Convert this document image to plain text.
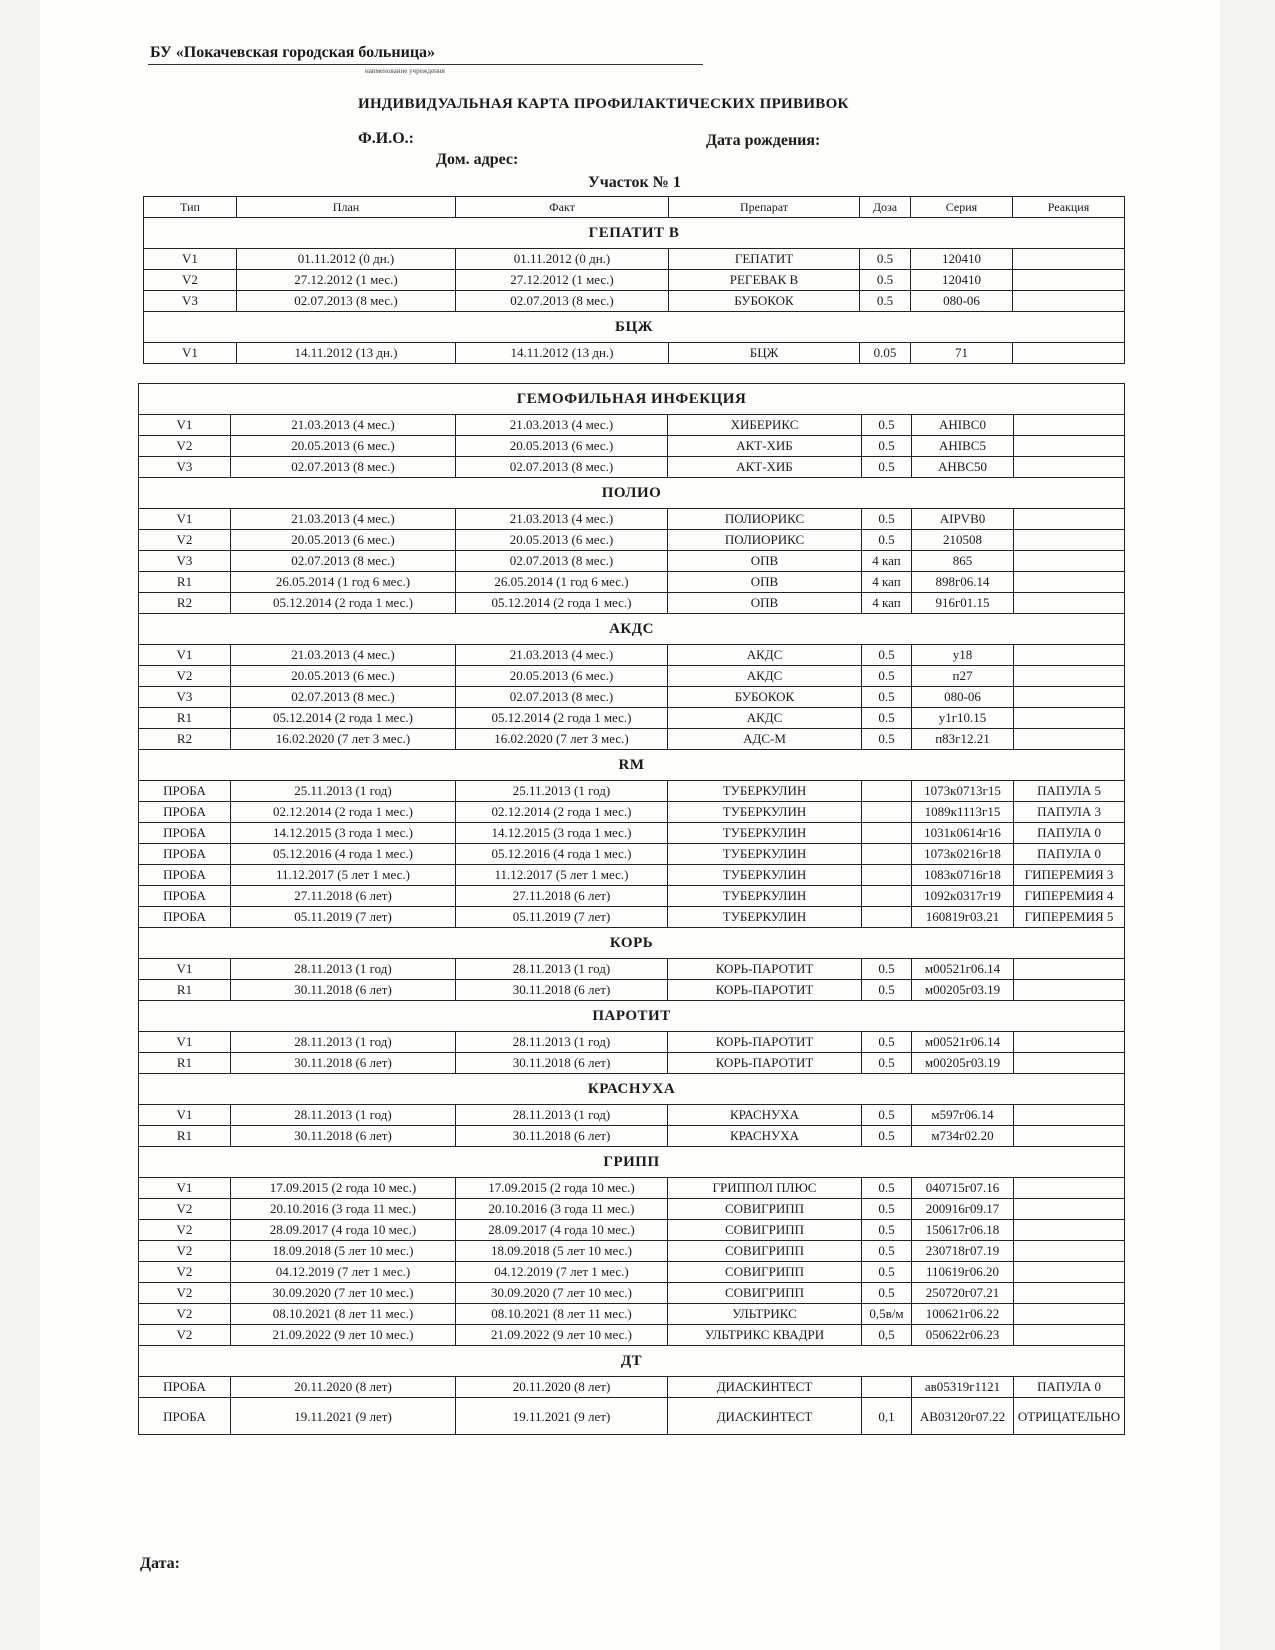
БУ «Покачевская городская больница»
наименование учреждения
ИНДИВИДУАЛЬНАЯ КАРТА ПРОФИЛАКТИЧЕСКИХ ПРИВИВОК
Ф.И.О.:	Дата рождения:
Дом. адрес:
Участок № 1
Тип	План	Факт	Препарат	Доза	Серия	Реакция
ГЕПАТИТ В						
V1	01.11.2012 (0 дн.)	01.11.2012 (0 дн.)	ГЕПАТИТ	0.5	120410	
V2	27.12.2012 (1 мес.)	27.12.2012 (1 мес.)	РЕГЕВАК В	0.5	120410	
V3	02.07.2013 (8 мес.)	02.07.2013 (8 мес.)	БУБОКОК	0.5	080-06	
БЦЖ						
V1	14.11.2012 (13 дн.)	14.11.2012 (13 дн.)	БЦЖ	0.05	71	
ГЕМОФИЛЬНАЯ ИНФЕКЦИЯ						
V1	21.03.2013 (4 мес.)	21.03.2013 (4 мес.)	ХИБЕРИКС	0.5	AHIBC0	
V2	20.05.2013 (6 мес.)	20.05.2013 (6 мес.)	АКТ-ХИБ	0.5	AHIBC5	
V3	02.07.2013 (8 мес.)	02.07.2013 (8 мес.)	АКТ-ХИБ	0.5	AHBC50	
ПОЛИО						
V1	21.03.2013 (4 мес.)	21.03.2013 (4 мес.)	ПОЛИОРИКС	0.5	AIPVB0	
V2	20.05.2013 (6 мес.)	20.05.2013 (6 мес.)	ПОЛИОРИКС	0.5	210508	
V3	02.07.2013 (8 мес.)	02.07.2013 (8 мес.)	ОПВ	4 кап	865	
R1	26.05.2014 (1 год 6 мес.)	26.05.2014 (1 год 6 мес.)	ОПВ	4 кап	898г06.14	
R2	05.12.2014 (2 года 1 мес.)	05.12.2014 (2 года 1 мес.)	ОПВ	4 кап	916г01.15	
АКДС						
V1	21.03.2013 (4 мес.)	21.03.2013 (4 мес.)	АКДС	0.5	у18	
V2	20.05.2013 (6 мес.)	20.05.2013 (6 мес.)	АКДС	0.5	п27	
V3	02.07.2013 (8 мес.)	02.07.2013 (8 мес.)	БУБОКОК	0.5	080-06	
R1	05.12.2014 (2 года 1 мес.)	05.12.2014 (2 года 1 мес.)	АКДС	0.5	у1г10.15	
R2	16.02.2020 (7 лет 3 мес.)	16.02.2020 (7 лет 3 мес.)	АДС-М	0.5	п83г12.21	
RM						
ПРОБА	25.11.2013 (1 год)	25.11.2013 (1 год)	ТУБЕРКУЛИН		1073к0713г15	ПАПУЛА 5
ПРОБА	02.12.2014 (2 года 1 мес.)	02.12.2014 (2 года 1 мес.)	ТУБЕРКУЛИН		1089к1113г15	ПАПУЛА 3
ПРОБА	14.12.2015 (3 года 1 мес.)	14.12.2015 (3 года 1 мес.)	ТУБЕРКУЛИН		1031к0614г16	ПАПУЛА 0
ПРОБА	05.12.2016 (4 года 1 мес.)	05.12.2016 (4 года 1 мес.)	ТУБЕРКУЛИН		1073к0216г18	ПАПУЛА 0
ПРОБА	11.12.2017 (5 лет 1 мес.)	11.12.2017 (5 лет 1 мес.)	ТУБЕРКУЛИН		1083к0716г18	ГИПЕРЕМИЯ 3
ПРОБА	27.11.2018 (6 лет)	27.11.2018 (6 лет)	ТУБЕРКУЛИН		1092к0317г19	ГИПЕРЕМИЯ 4
ПРОБА	05.11.2019 (7 лет)	05.11.2019 (7 лет)	ТУБЕРКУЛИН		160819г03.21	ГИПЕРЕМИЯ 5
КОРЬ						
V1	28.11.2013 (1 год)	28.11.2013 (1 год)	КОРЬ-ПАРОТИТ	0.5	м00521г06.14	
R1	30.11.2018 (6 лет)	30.11.2018 (6 лет)	КОРЬ-ПАРОТИТ	0.5	м00205г03.19	
ПАРОТИТ						
V1	28.11.2013 (1 год)	28.11.2013 (1 год)	КОРЬ-ПАРОТИТ	0.5	м00521г06.14	
R1	30.11.2018 (6 лет)	30.11.2018 (6 лет)	КОРЬ-ПАРОТИТ	0.5	м00205г03.19	
КРАСНУХА						
V1	28.11.2013 (1 год)	28.11.2013 (1 год)	КРАСНУХА	0.5	м597г06.14	
R1	30.11.2018 (6 лет)	30.11.2018 (6 лет)	КРАСНУХА	0.5	м734г02.20	
ГРИПП						
V1	17.09.2015 (2 года 10 мес.)	17.09.2015 (2 года 10 мес.)	ГРИППОЛ ПЛЮС	0.5	040715г07.16	
V2	20.10.2016 (3 года 11 мес.)	20.10.2016 (3 года 11 мес.)	СОВИГРИПП	0.5	200916г09.17	
V2	28.09.2017 (4 года 10 мес.)	28.09.2017 (4 года 10 мес.)	СОВИГРИПП	0.5	150617г06.18	
V2	18.09.2018 (5 лет 10 мес.)	18.09.2018 (5 лет 10 мес.)	СОВИГРИПП	0.5	230718г07.19	
V2	04.12.2019 (7 лет 1 мес.)	04.12.2019 (7 лет 1 мес.)	СОВИГРИПП	0.5	110619г06.20	
V2	30.09.2020 (7 лет 10 мес.)	30.09.2020 (7 лет 10 мес.)	СОВИГРИПП	0.5	250720г07.21	
V2	08.10.2021 (8 лет 11 мес.)	08.10.2021 (8 лет 11 мес.)	УЛЬТРИКС	0,5в/м	100621г06.22	
V2	21.09.2022 (9 лет 10 мес.)	21.09.2022 (9 лет 10 мес.)	УЛЬТРИКС КВАДРИ	0,5	050622г06.23	
ДТ						
ПРОБА	20.11.2020 (8 лет)	20.11.2020 (8 лет)	ДИАСКИНТЕСТ		ав05319г1121	ПАПУЛА 0
ПРОБА	19.11.2021 (9 лет)	19.11.2021 (9 лет)	ДИАСКИНТЕСТ	0,1	АВ03120г07.22	ОТРИЦАТЕЛЬНО
Дата:
